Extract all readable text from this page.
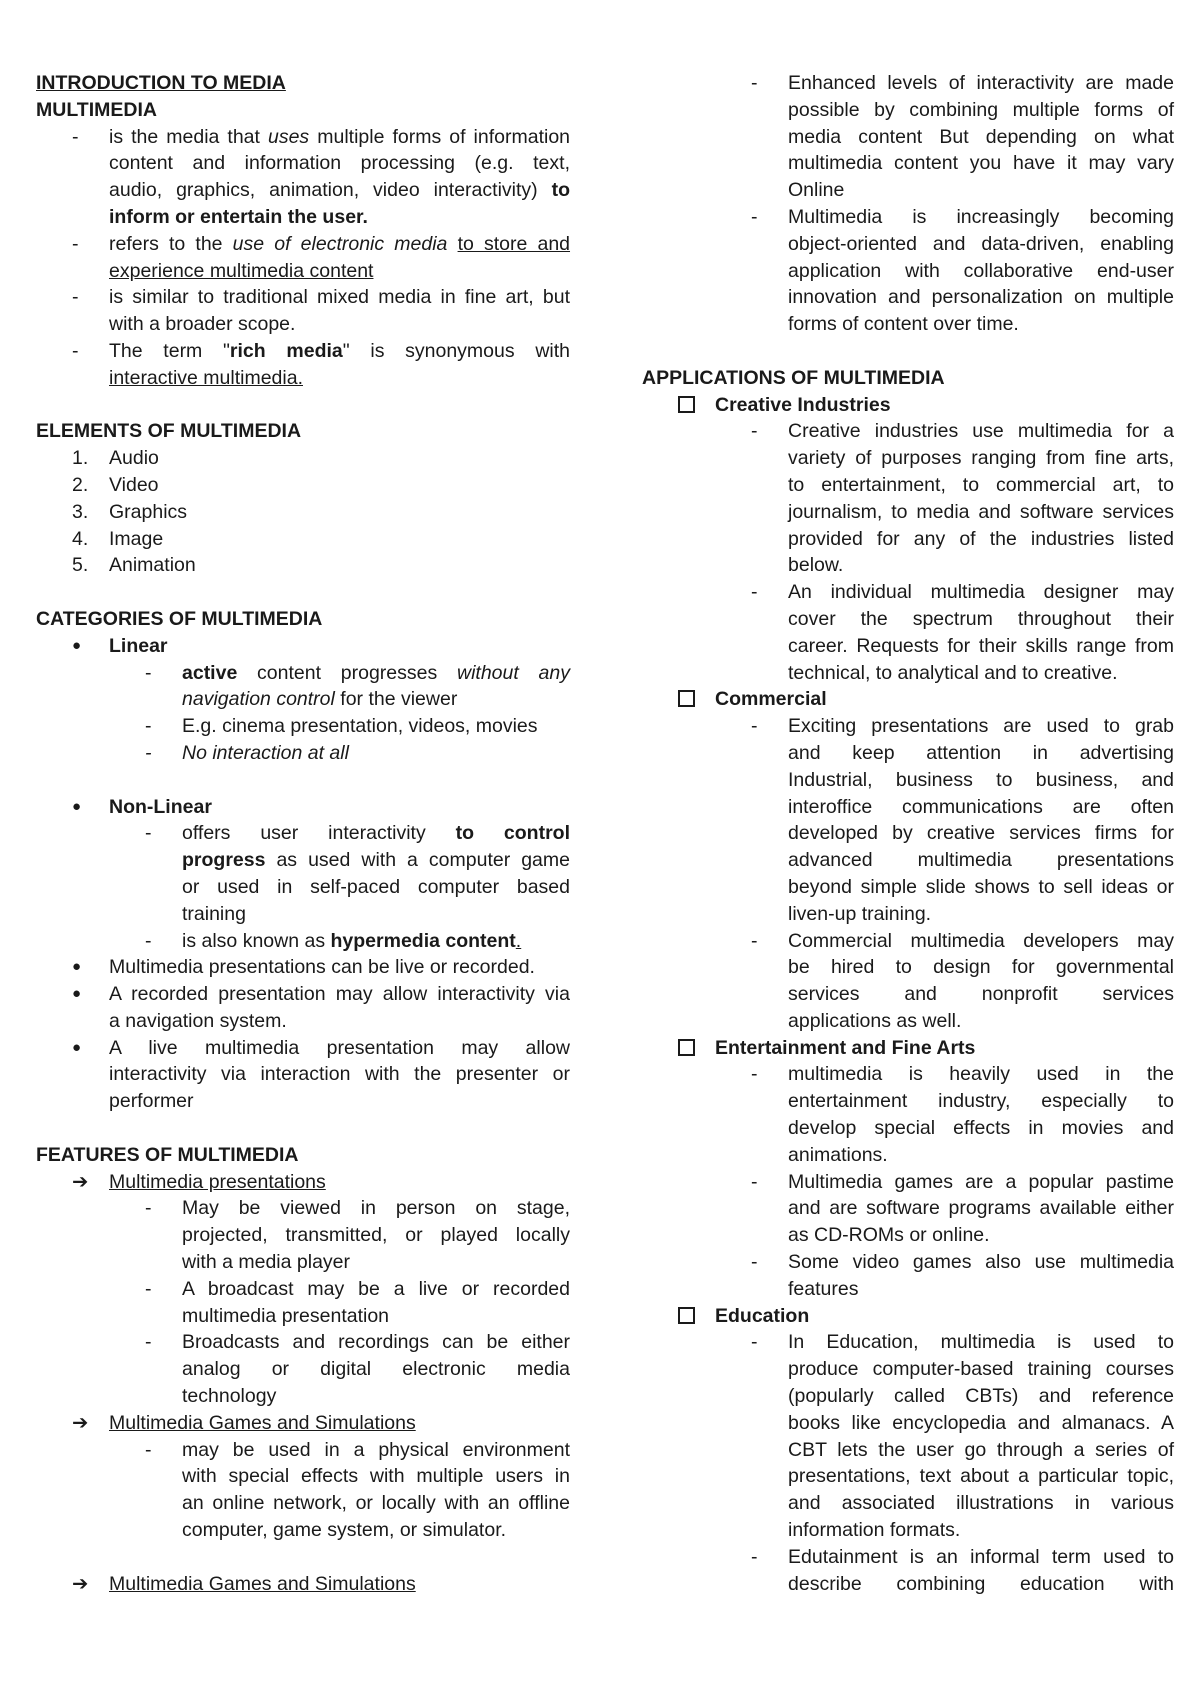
INTRODUCTION TO MEDIA
MULTIMEDIA
- is the media that uses multiple forms of information
content and information processing (e.g. text,
audio, graphics, animation, video interactivity) to
inform or entertain the user.
- refers to the use of electronic media to store and
experience multimedia content
- is similar to traditional mixed media in fine art, but
with a broader scope.
- The term "rich media" is synonymous with
interactive multimedia.
ELEMENTS OF MULTIMEDIA
1. Audio
2. Video
3. Graphics
4. Image
5. Animation
CATEGORIES OF MULTIMEDIA
● Linear
- active content progresses without any
navigation control for the viewer
- E.g. cinema presentation, videos, movies
- No interaction at all
● Non-Linear
- offers user interactivity to control
progress as used with a computer game
or used in self-paced computer based
training
- is also known as hypermedia content.
● Multimedia presentations can be live or recorded.
● A recorded presentation may allow interactivity via
a navigation system.
● A live multimedia presentation may allow
interactivity via interaction with the presenter or
performer
FEATURES OF MULTIMEDIA
➔ Multimedia presentations
- May be viewed in person on stage,
projected, transmitted, or played locally
with a media player
- A broadcast may be a live or recorded
multimedia presentation
- Broadcasts and recordings can be either
analog or digital electronic media
technology
➔ Multimedia Games and Simulations
- may be used in a physical environment
with special effects with multiple users in
an online network, or locally with an offline
computer, game system, or simulator.
➔ Multimedia Games and Simulations
- Enhanced levels of interactivity are made
possible by combining multiple forms of
media content But depending on what
multimedia content you have it may vary
Online
- Multimedia is increasingly becoming
object-oriented and data-driven, enabling
application with collaborative end-user
innovation and personalization on multiple
forms of content over time.
APPLICATIONS OF MULTIMEDIA
Creative Industries
- Creative industries use multimedia for a
variety of purposes ranging from fine arts,
to entertainment, to commercial art, to
journalism, to media and software services
provided for any of the industries listed
below.
- An individual multimedia designer may
cover the spectrum throughout their
career. Requests for their skills range from
technical, to analytical and to creative.
Commercial
- Exciting presentations are used to grab
and keep attention in advertising
Industrial, business to business, and
interoffice communications are often
developed by creative services firms for
advanced multimedia presentations
beyond simple slide shows to sell ideas or
liven-up training.
- Commercial multimedia developers may
be hired to design for governmental
services and nonprofit services
applications as well.
Entertainment and Fine Arts
- multimedia is heavily used in the
entertainment industry, especially to
develop special effects in movies and
animations.
- Multimedia games are a popular pastime
and are software programs available either
as CD-ROMs or online.
- Some video games also use multimedia
features
Education
- In Education, multimedia is used to
produce computer-based training courses
(popularly called CBTs) and reference
books like encyclopedia and almanacs. A
CBT lets the user go through a series of
presentations, text about a particular topic,
and associated illustrations in various
information formats.
- Edutainment is an informal term used to
describe combining education with
